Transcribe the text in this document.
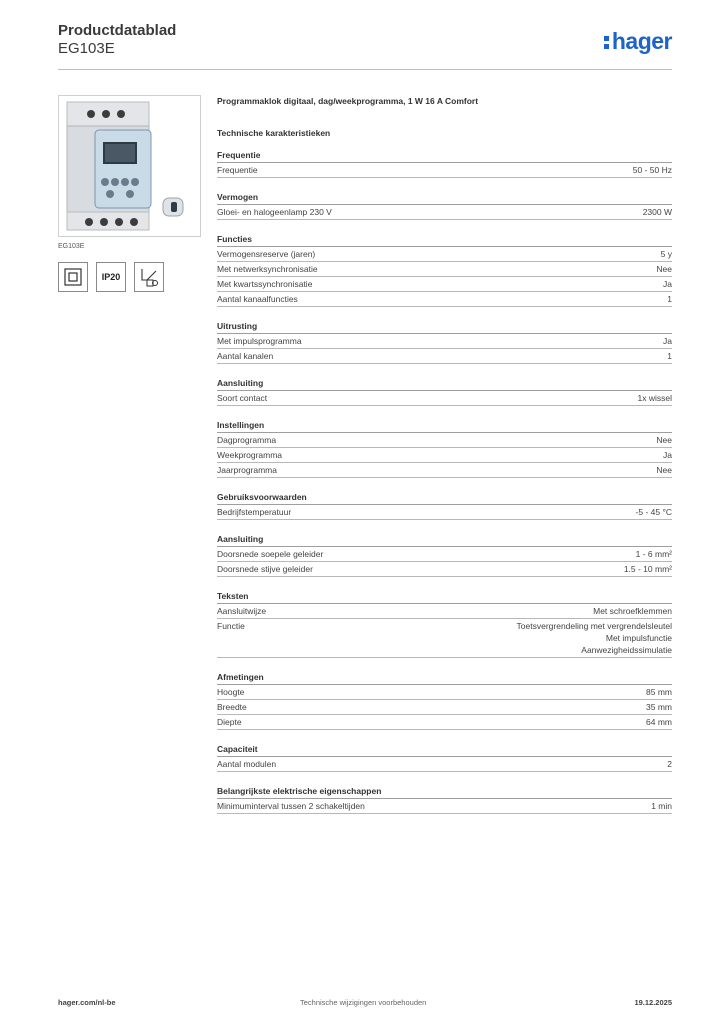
Productdatablad
EG103E	hager
EG103E
IP20
Programmaklok digitaal, dag/weekprogramma, 1 W 16 A Comfort
Technische karakteristieken
Frequentie
Frequentie	50 - 50 Hz
Vermogen
Gloei- en halogeenlamp 230 V	2300 W
Functies
Vermogensreserve (jaren)	5 y
Met netwerksynchronisatie	Nee
Met kwartssynchronisatie	Ja
Aantal kanaalfuncties	1
Uitrusting
Met impulsprogramma	Ja
Aantal kanalen	1
Aansluiting
Soort contact	1x wissel
Instellingen
Dagprogramma	Nee
Weekprogramma	Ja
Jaarprogramma	Nee
Gebruiksvoorwaarden
Bedrijfstemperatuur	-5 - 45 °C
Aansluiting
Doorsnede soepele geleider	1 - 6 mm²
Doorsnede stijve geleider	1.5 - 10 mm²
Teksten
Aansluitwijze	Met schroefklemmen
Functie	Toetsvergrendeling met vergrendelsleutel
Met impulsfunctie
Aanwezigheidssimulatie
Afmetingen
Hoogte	85 mm
Breedte	35 mm
Diepte	64 mm
Capaciteit
Aantal modulen	2
Belangrijkste elektrische eigenschappen
Minimuminterval tussen 2 schakeltijden	1 min
hager.com/nl-be	Technische wijzigingen voorbehouden	19.12.2025
